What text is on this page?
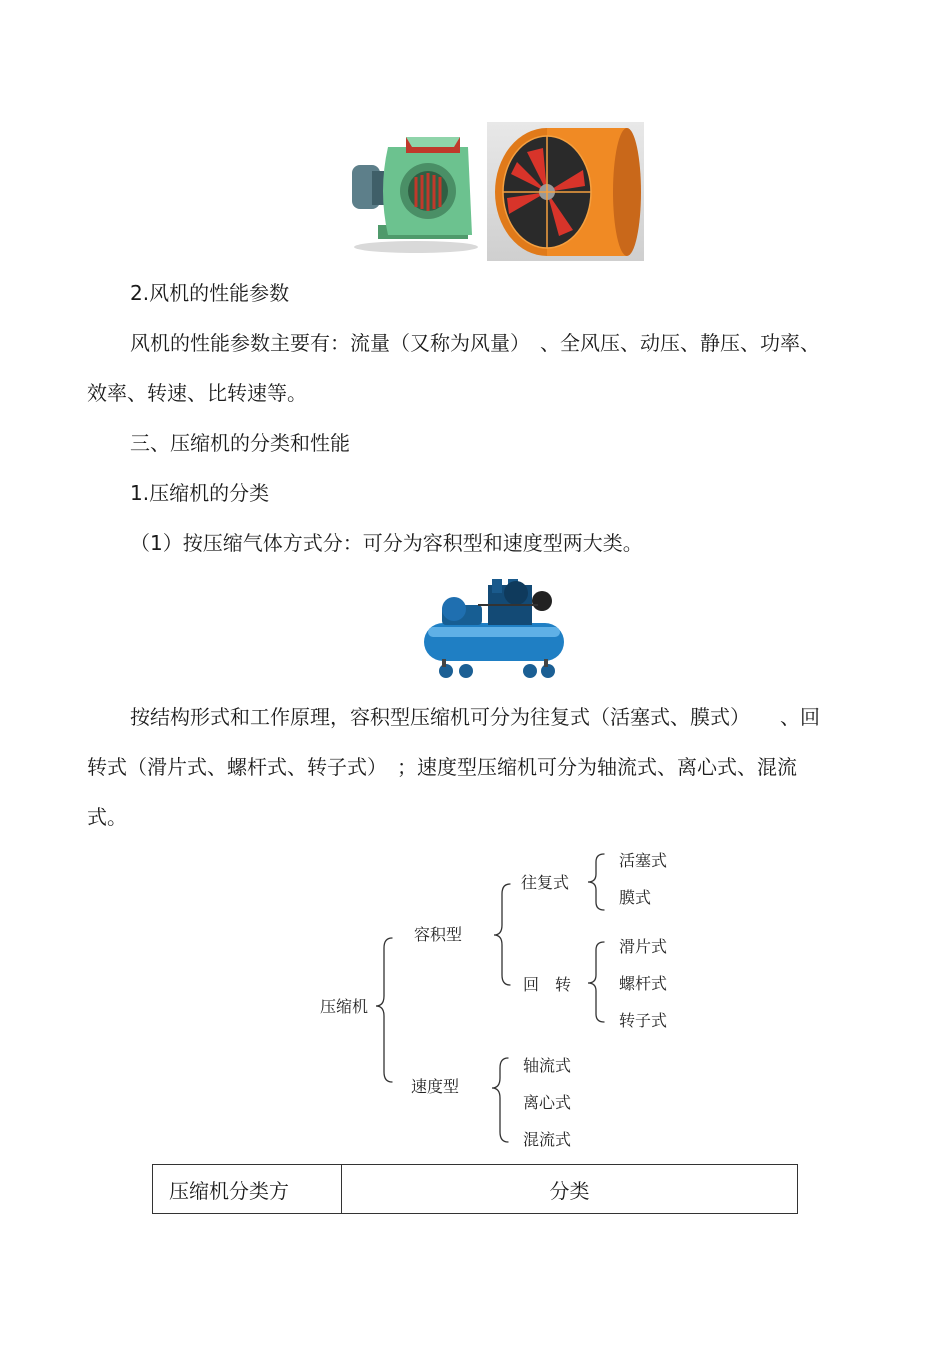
2.风机的性能参数
风机的性能参数主要有：流量（又称为风量）　、全风压、动压、静压、功率、
效率、转速、比转速等。
三、压缩机的分类和性能
1.压缩机的分类
（1）按压缩气体方式分：可分为容积型和速度型两大类。
按结构形式和工作原理，容积型压缩机可分为往复式（活塞式、膜式）　　、回
转式（滑片式、螺杆式、转子式）　；速度型压缩机可分为轴流式、离心式、混流
式。
压缩机
容积型
速度型
往复式
回　转
活塞式
膜式
滑片式
螺杆式
转子式
轴流式
离心式
混流式
压缩机分类方	分类
